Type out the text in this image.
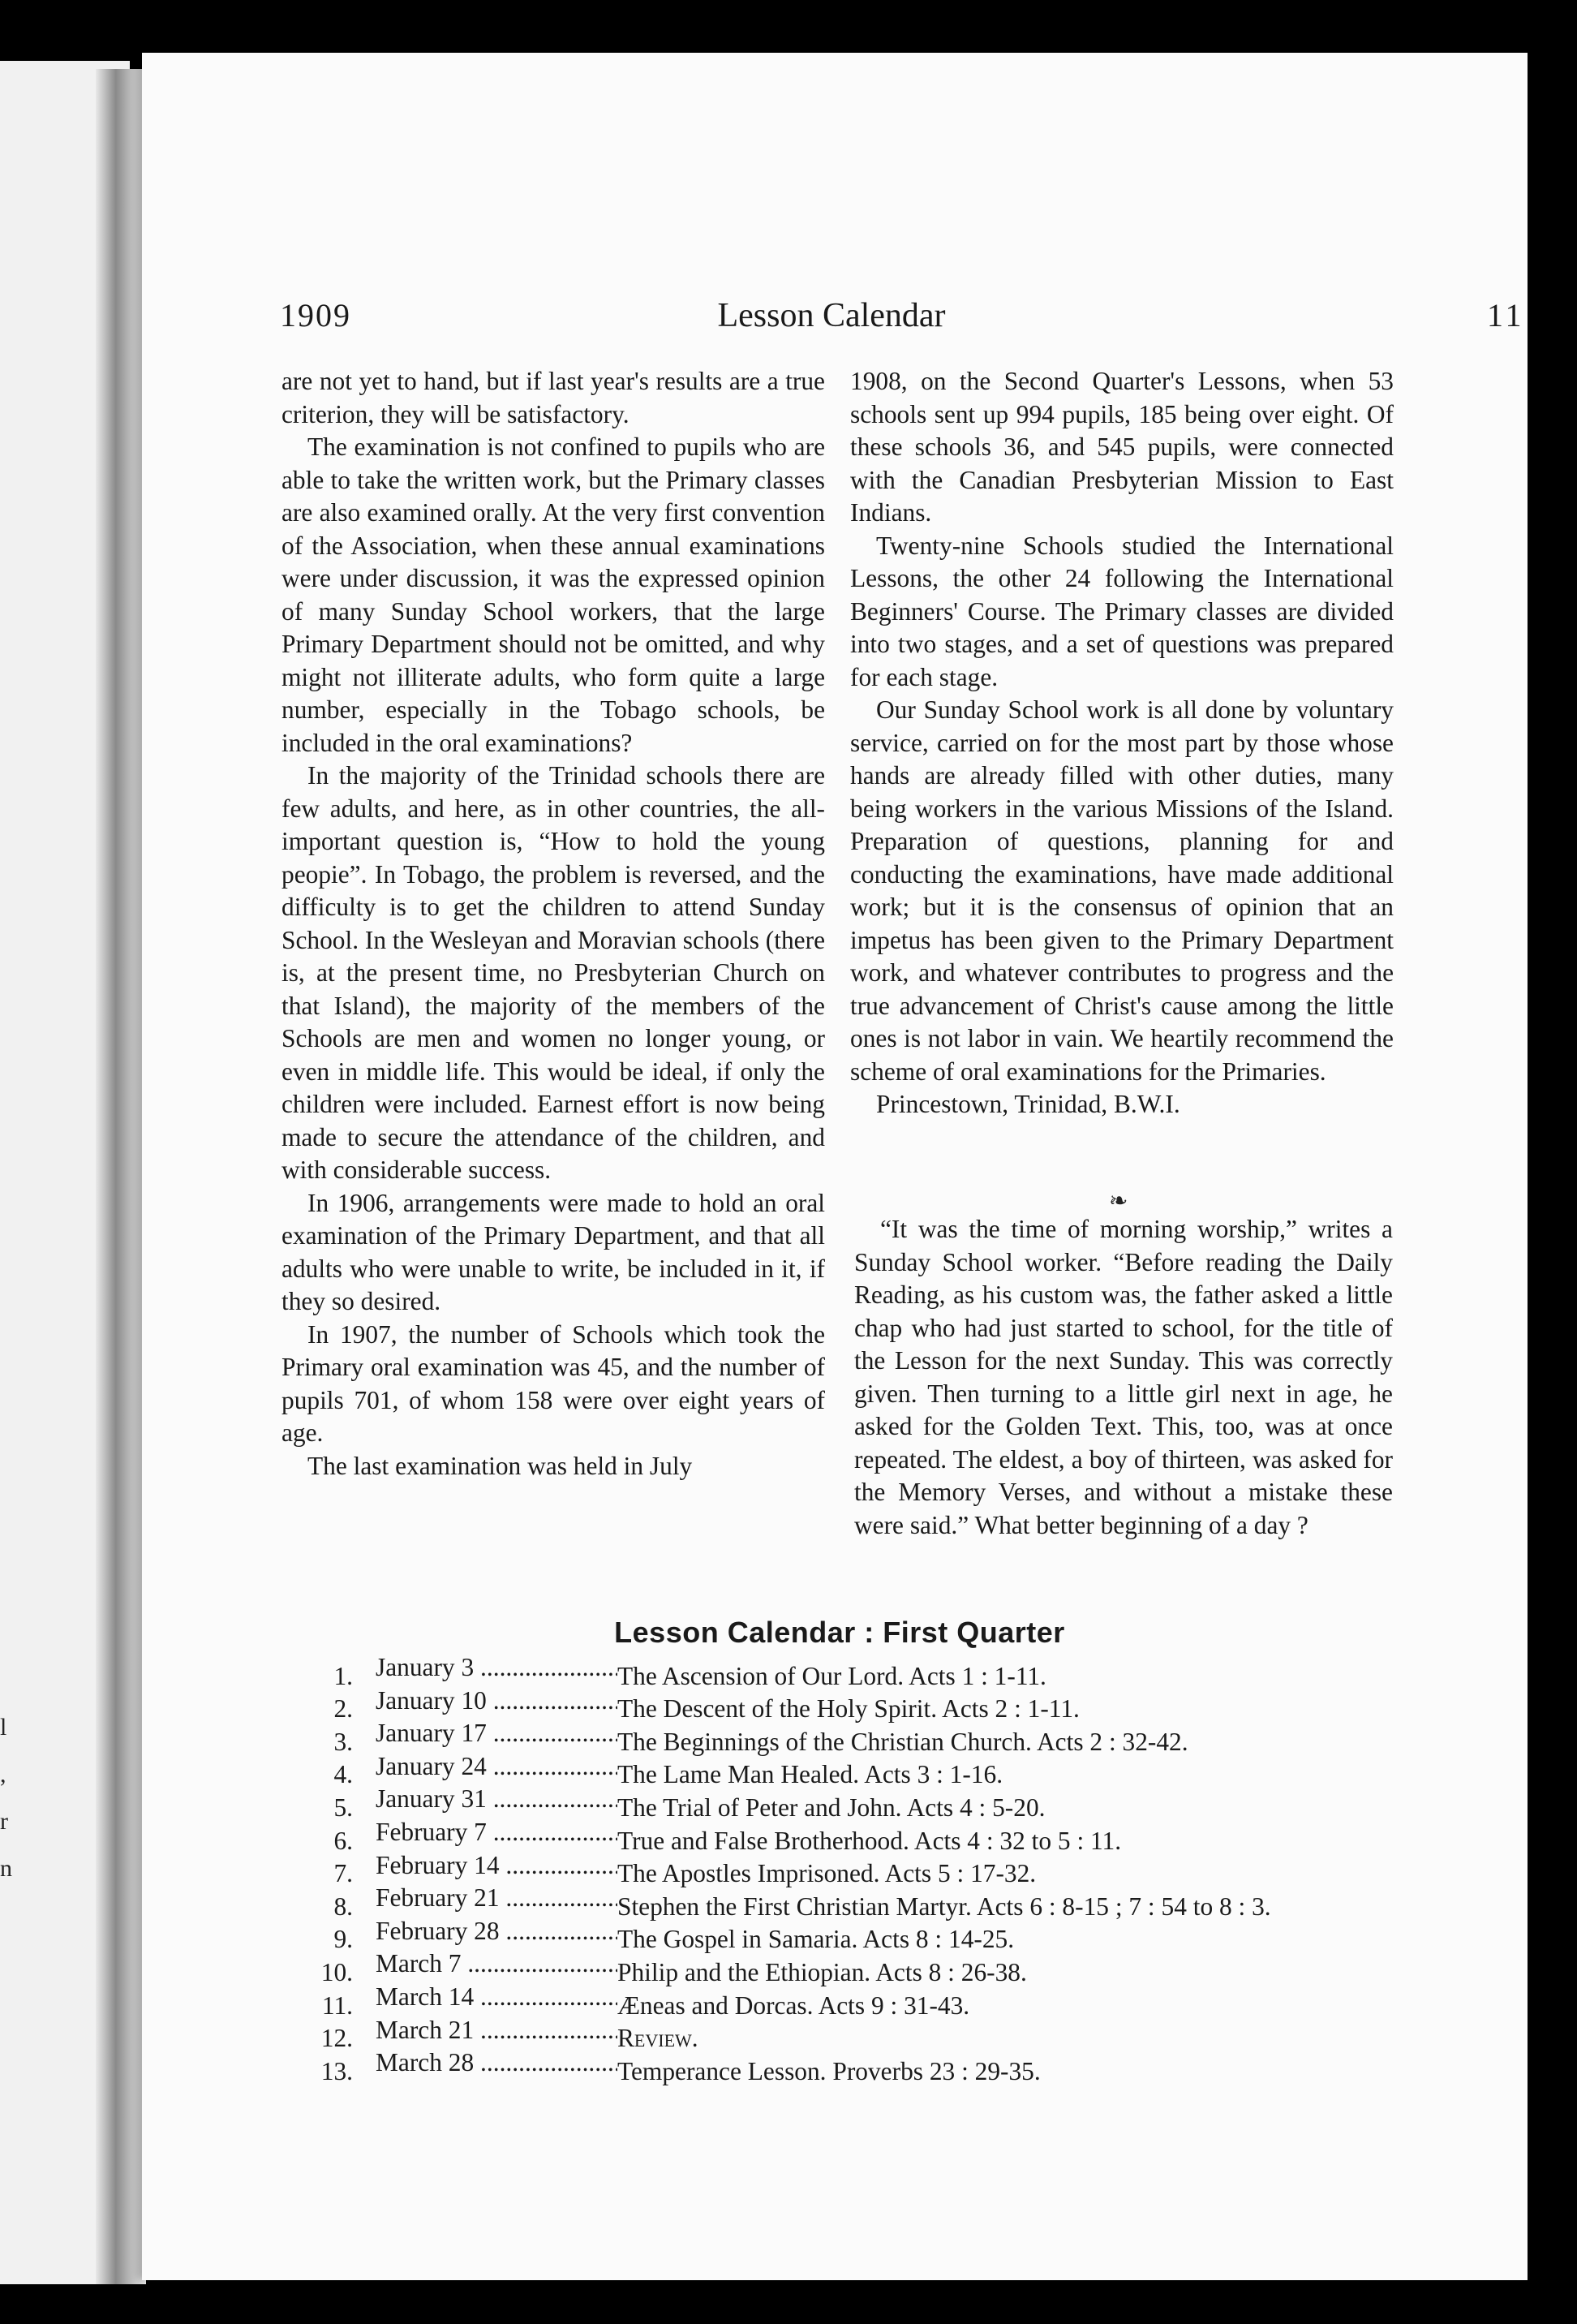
l , r n
1909	Lesson Calendar	11

are not yet to hand, but if last year's results are a true criterion, they will be satisfactory.

The examination is not confined to pupils who are able to take the written work, but the Primary classes are also examined orally. At the very first convention of the Association, when these annual examinations were under discussion, it was the expressed opinion of many Sunday School workers, that the large Primary Department should not be omitted, and why might not illiterate adults, who form quite a large number, especially in the Tobago schools, be included in the oral examinations?

In the majority of the Trinidad schools there are few adults, and here, as in other countries, the all-important question is, “How to hold the young peopie”. In Tobago, the problem is reversed, and the difficulty is to get the children to attend Sunday School. In the Wesleyan and Moravian schools (there is, at the present time, no Presbyterian Church on that Island), the majority of the members of the Schools are men and women no longer young, or even in middle life. This would be ideal, if only the children were included. Earnest effort is now being made to secure the attendance of the children, and with considerable success.

In 1906, arrangements were made to hold an oral examination of the Primary Department, and that all adults who were unable to write, be included in it, if they so desired.

In 1907, the number of Schools which took the Primary oral examination was 45, and the number of pupils 701, of whom 158 were over eight years of age.

The last examination was held in July

1908, on the Second Quarter's Lessons, when 53 schools sent up 994 pupils, 185 being over eight. Of these schools 36, and 545 pupils, were connected with the Canadian Presbyterian Mission to East Indians.

Twenty-nine Schools studied the International Lessons, the other 24 following the International Beginners' Course. The Primary classes are divided into two stages, and a set of questions was prepared for each stage.

Our Sunday School work is all done by voluntary service, carried on for the most part by those whose hands are already filled with other duties, many being workers in the various Missions of the Island. Preparation of questions, planning for and conducting the examinations, have made additional work; but it is the consensus of opinion that an impetus has been given to the Primary Department work, and whatever contributes to progress and the true advancement of Christ's cause among the little ones is not labor in vain. We heartily recommend the scheme of oral examinations for the Primaries.

Princestown, Trinidad, B.W.I.

❧

“It was the time of morning worship,” writes a Sunday School worker. “Before reading the Daily Reading, as his custom was, the father asked a little chap who had just started to school, for the title of the Lesson for the next Sunday. This was correctly given. Then turning to a little girl next in age, he asked for the Golden Text. This, too, was at once repeated. The eldest, a boy of thirteen, was asked for the Memory Verses, and without a mistake these were said.” What better beginning of a day ?

Lesson Calendar : First Quarter
1. January 3 .....	The Ascension of Our Lord. Acts 1 : 1-11.
2. January 10 .....	The Descent of the Holy Spirit. Acts 2 : 1-11.
3. January 17 .....	The Beginnings of the Christian Church. Acts 2 : 32-42.
4. January 24 .....	The Lame Man Healed. Acts 3 : 1-16.
5. January 31 .....	The Trial of Peter and John. Acts 4 : 5-20.
6. February 7 .....	True and False Brotherhood. Acts 4 : 32 to 5 : 11.
7. February 14 .....	The Apostles Imprisoned. Acts 5 : 17-32.
8. February 21 .....	Stephen the First Christian Martyr. Acts 6 : 8-15 ; 7 : 54 to 8 : 3.
9. February 28 .....	The Gospel in Samaria. Acts 8 : 14-25.
10. March 7 .....	Philip and the Ethiopian. Acts 8 : 26-38.
11. March 14 .....	Æneas and Dorcas. Acts 9 : 31-43.
12. March 21 .....	Review.
13. March 28 .....	Temperance Lesson. Proverbs 23 : 29-35.
